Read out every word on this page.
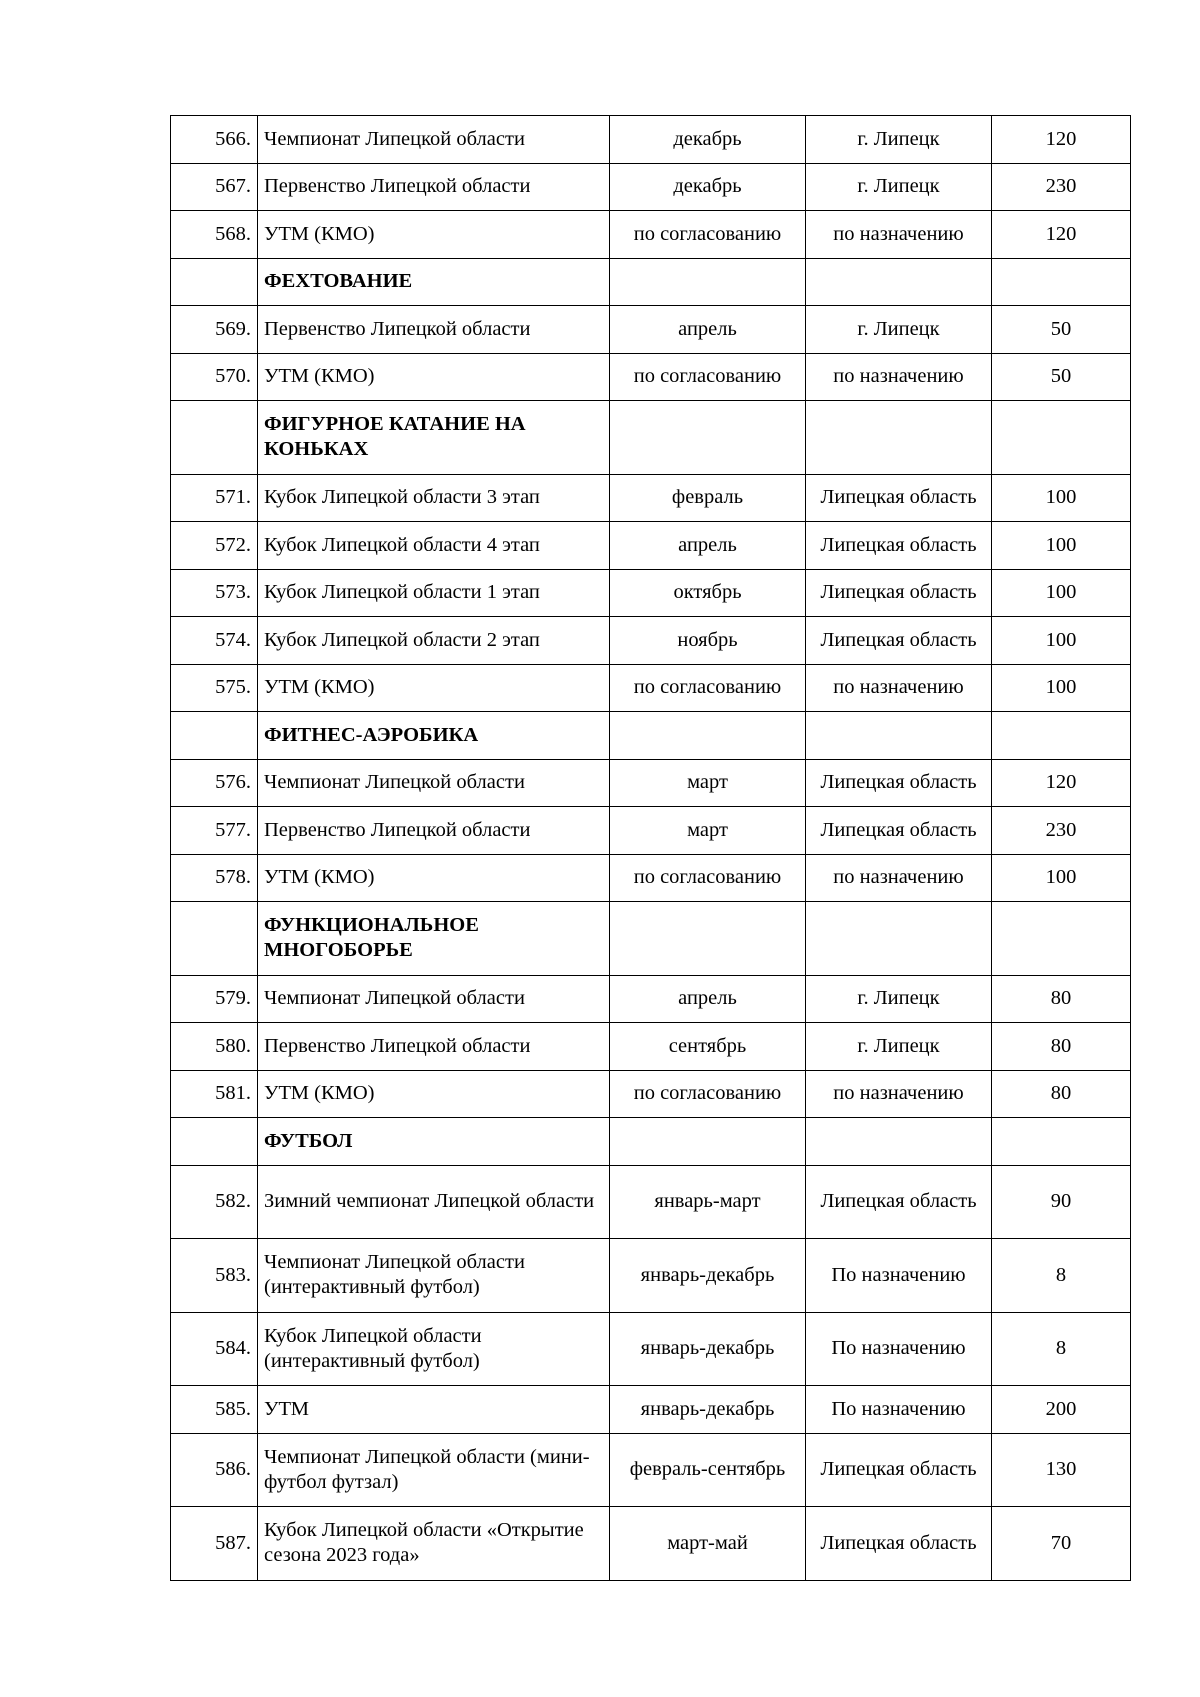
566.	Чемпионат Липецкой области	декабрь	г. Липецк	120
567.	Первенство Липецкой области	декабрь	г. Липецк	230
568.	УТМ (КМО)	по согласованию	по назначению	120
	ФЕХТОВАНИЕ			
569.	Первенство Липецкой области	апрель	г. Липецк	50
570.	УТМ (КМО)	по согласованию	по назначению	50
	ФИГУРНОЕ КАТАНИЕ НА КОНЬКАХ			
571.	Кубок Липецкой области 3 этап	февраль	Липецкая область	100
572.	Кубок Липецкой области 4 этап	апрель	Липецкая область	100
573.	Кубок Липецкой области 1 этап	октябрь	Липецкая область	100
574.	Кубок Липецкой области 2 этап	ноябрь	Липецкая область	100
575.	УТМ (КМО)	по согласованию	по назначению	100
	ФИТНЕС-АЭРОБИКА			
576.	Чемпионат Липецкой области	март	Липецкая область	120
577.	Первенство Липецкой области	март	Липецкая область	230
578.	УТМ (КМО)	по согласованию	по назначению	100
	ФУНКЦИОНАЛЬНОЕ МНОГОБОРЬЕ			
579.	Чемпионат Липецкой области	апрель	г. Липецк	80
580.	Первенство Липецкой области	сентябрь	г. Липецк	80
581.	УТМ (КМО)	по согласованию	по назначению	80
	ФУТБОЛ			
582.	Зимний чемпионат Липецкой области	январь-март	Липецкая область	90
583.	Чемпионат Липецкой области (интерактивный футбол)	январь-декабрь	По назначению	8
584.	Кубок Липецкой области (интерактивный футбол)	январь-декабрь	По назначению	8
585.	УТМ	январь-декабрь	По назначению	200
586.	Чемпионат Липецкой области (мини-футбол футзал)	февраль-сентябрь	Липецкая область	130
587.	Кубок Липецкой области «Открытие сезона 2023 года»	март-май	Липецкая область	70
